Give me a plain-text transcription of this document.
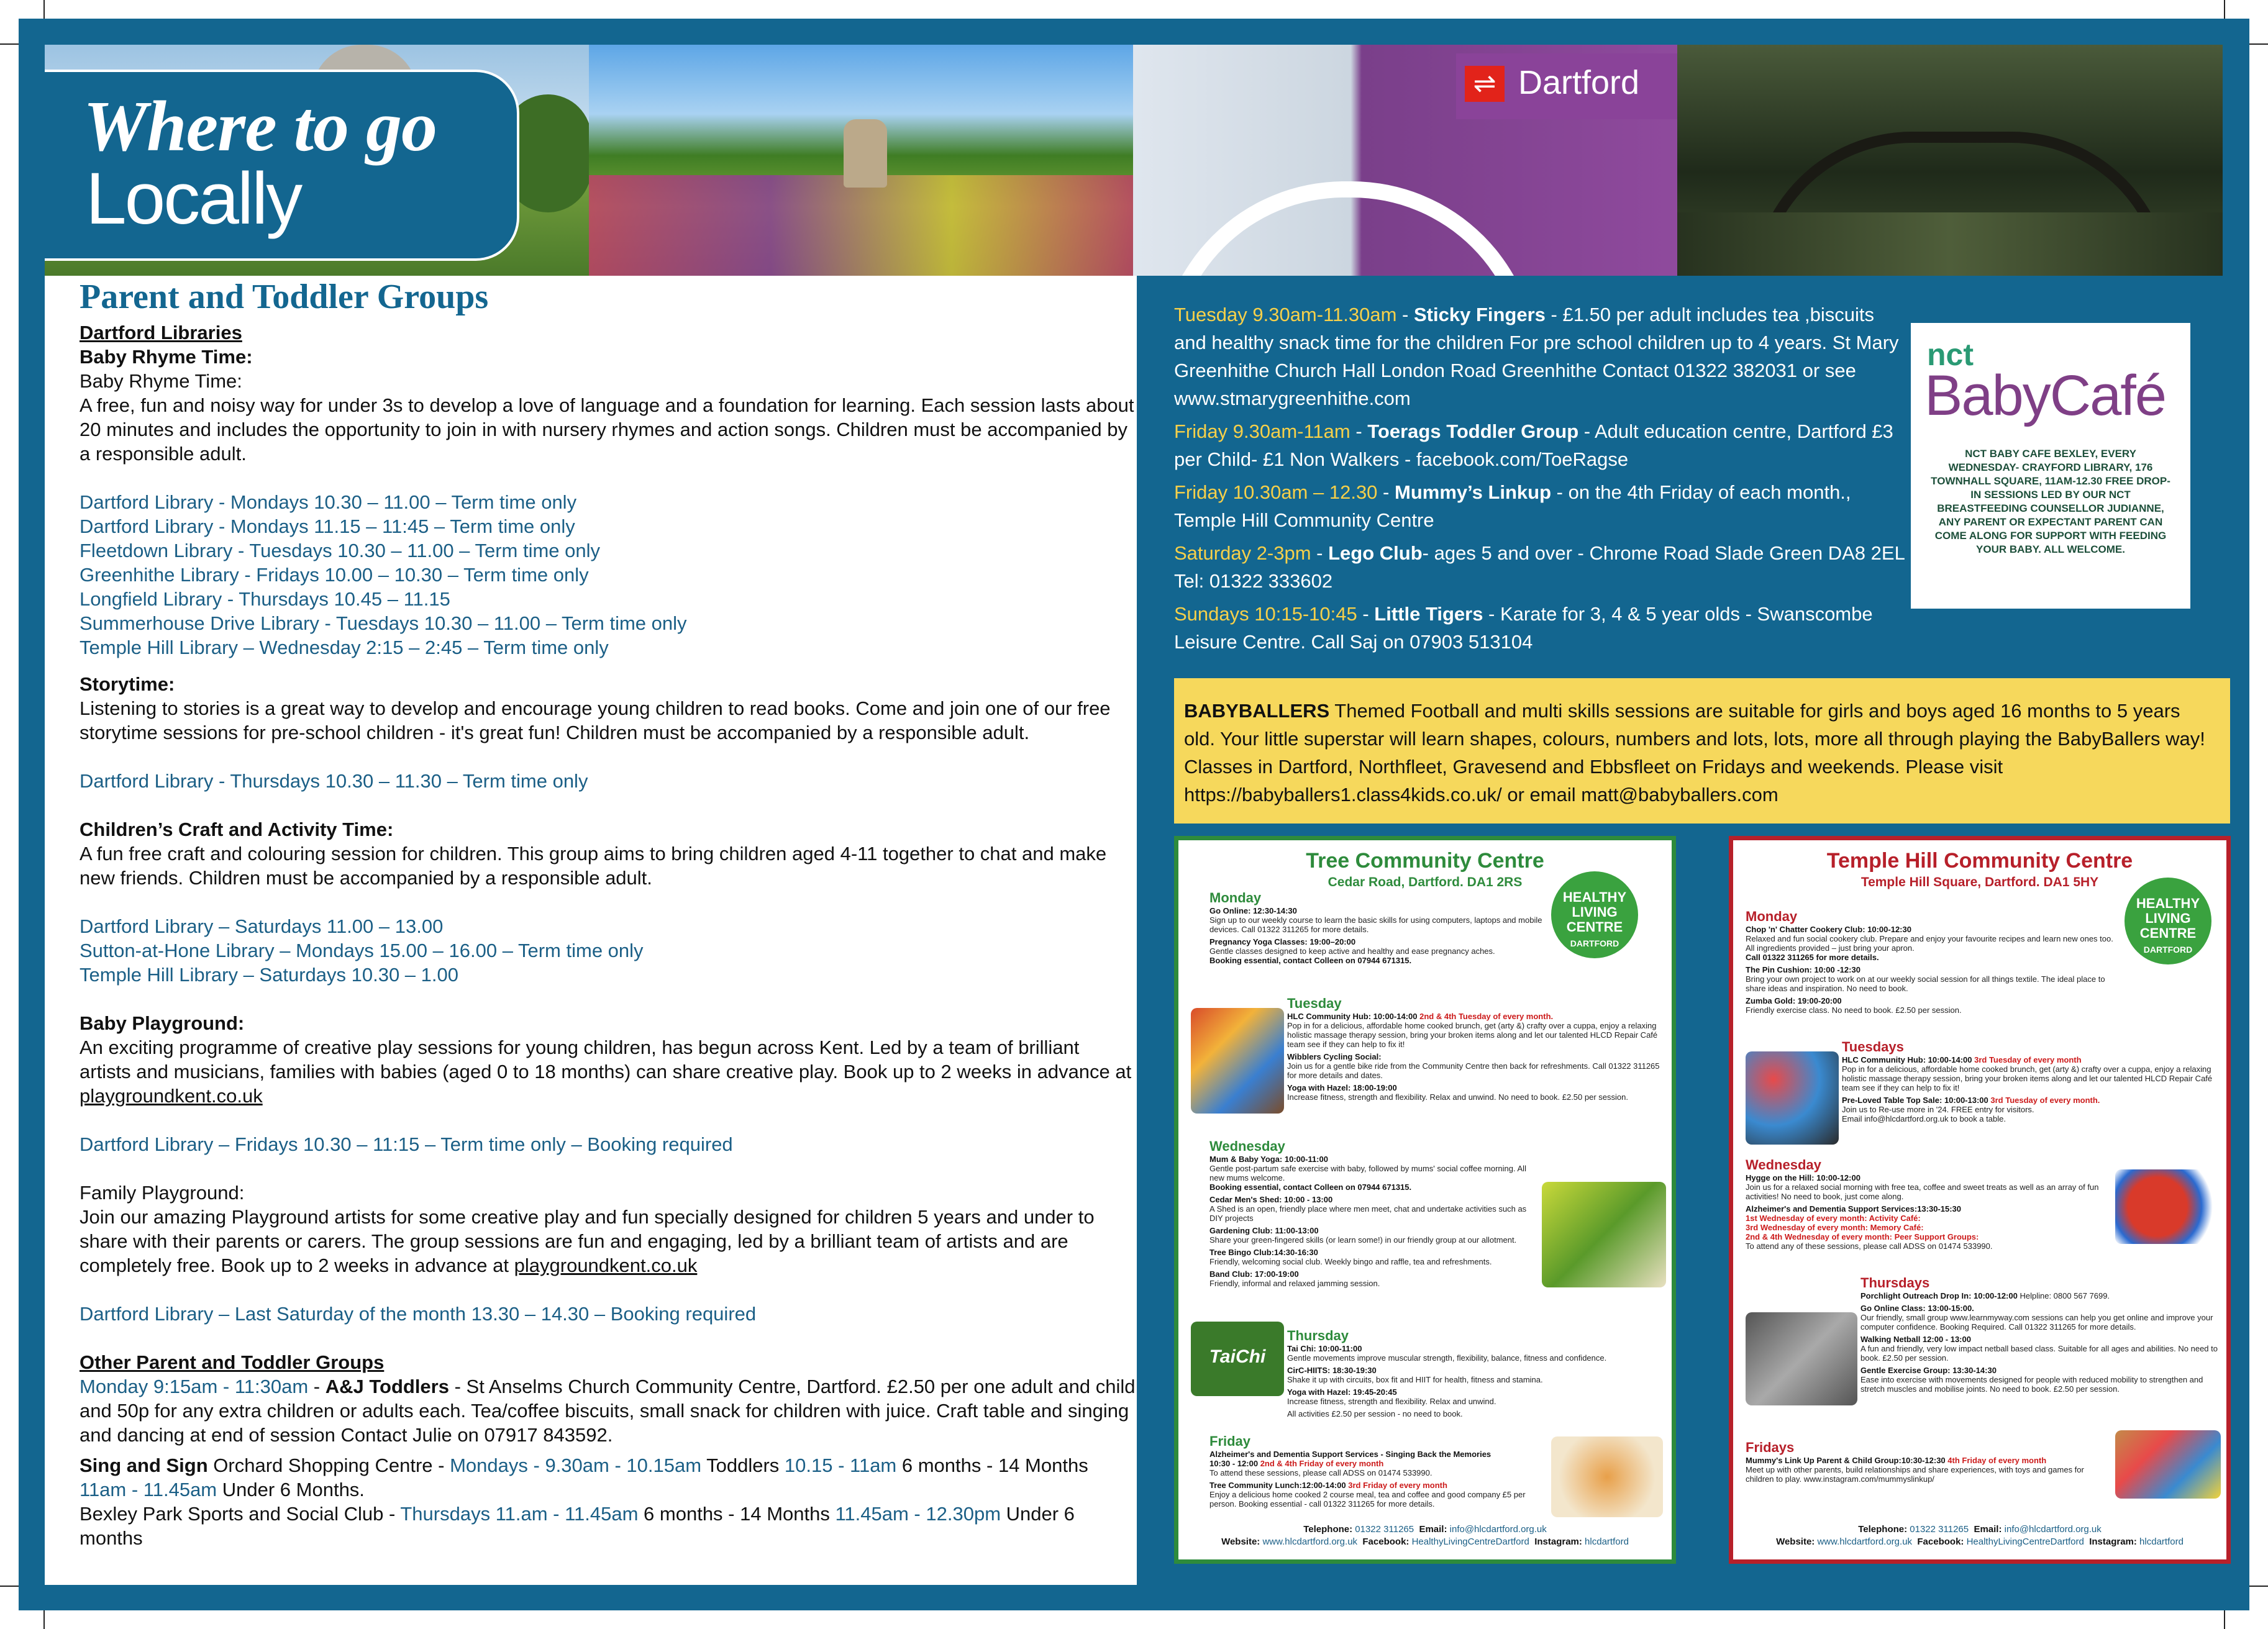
⇌ Dartford
Where to go
Locally
Parent and Toddler Groups

Dartford Libraries

Baby Rhyme Time:

Baby Rhyme Time:

A free, fun and noisy way for under 3s to develop a love of language and a foundation for learning. Each session lasts about 20 minutes and includes the opportunity to join in with nursery rhymes and action songs. Children must be accompanied by a responsible adult.

Dartford Library - Mondays 10.30 – 11.00 – Term time only

Dartford Library - Mondays 11.15 – 11:45 – Term time only

Fleetdown Library - Tuesdays 10.30 – 11.00 – Term time only

Greenhithe Library - Fridays 10.00 – 10.30 – Term time only

Longfield Library - Thursdays 10.45 – 11.15

Summerhouse Drive Library - Tuesdays 10.30 – 11.00 – Term time only

Temple Hill Library – Wednesday 2:15 – 2:45 – Term time only

Storytime:

Listening to stories is a great way to develop and encourage young children to read books. Come and join one of our free storytime sessions for pre-school children - it's great fun! Children must be accompanied by a responsible adult.

Dartford Library - Thursdays 10.30 – 11.30 – Term time only

Children’s Craft and Activity Time:

A fun free craft and colouring session for children. This group aims to bring children aged 4-11 together to chat and make new friends. Children must be accompanied by a responsible adult.

Dartford Library – Saturdays 11.00 – 13.00

Sutton-at-Hone Library – Mondays 15.00 – 16.00 – Term time only

Temple Hill Library – Saturdays 10.30 – 1.00

Baby Playground:

An exciting programme of creative play sessions for young children, has begun across Kent. Led by a team of brilliant artists and musicians, families with babies (aged 0 to 18 months) can share creative play. Book up to 2 weeks in advance at playgroundkent.co.uk

Dartford Library – Fridays 10.30 – 11:15 – Term time only – Booking required

Family Playground:

Join our amazing Playground artists for some creative play and fun specially designed for children 5 years and under to share with their parents or carers. The group sessions are fun and engaging, led by a brilliant team of artists and are completely free. Book up to 2 weeks in advance at playgroundkent.co.uk

Dartford Library – Last Saturday of the month 13.30 – 14.30 – Booking required

Other Parent and Toddler Groups

Monday 9:15am - 11:30am - A&J Toddlers - St Anselms Church Community Centre, Dartford. £2.50 per one adult and child and 50p for any extra children or adults each. Tea/coffee biscuits, small snack for children with juice. Craft table and singing and dancing at end of session Contact Julie on 07917 843592.

Sing and Sign Orchard Shopping Centre - Mondays - 9.30am - 10.15am Toddlers 10.15 - 11am 6 months - 14 Months 11am - 11.45am Under 6 Months.

Bexley Park Sports and Social Club - Thursdays 11.am - 11.45am 6 months - 14 Months 11.45am - 12.30pm Under 6 months

Tuesday 9.30am-11.30am - Sticky Fingers - £1.50 per adult includes tea ,biscuits and healthy snack time for the children For pre school children up to 4 years. St Mary Greenhithe Church Hall London Road Greenhithe Contact 01322 382031 or see www.stmarygreenhithe.com

Friday 9.30am-11am - Toerags Toddler Group - Adult education centre, Dartford £3 per Child- £1 Non Walkers - facebook.com/ToeRagse

Friday 10.30am – 12.30 - Mummy’s Linkup - on the 4th Friday of each month., Temple Hill Community Centre

Saturday 2-3pm - Lego Club- ages 5 and over - Chrome Road Slade Green DA8 2EL Tel: 01322 333602

Sundays 10:15-10:45 - Little Tigers - Karate for 3, 4 & 5 year olds - Swanscombe Leisure Centre. Call Saj on 07903 513104

nct
BabyCafé
NCT BABY CAFE BEXLEY, EVERY WEDNESDAY- CRAYFORD LIBRARY, 176 TOWNHALL SQUARE, 11AM-12.30 FREE DROP-IN SESSIONS LED BY OUR NCT BREASTFEEDING COUNSELLOR JUDIANNE, ANY PARENT OR EXPECTANT PARENT CAN COME ALONG FOR SUPPORT WITH FEEDING YOUR BABY. ALL WELCOME.
BABYBALLERS Themed Football and multi skills sessions are suitable for girls and boys aged 16 months to 5 years old. Your little superstar will learn shapes, colours, numbers and lots, lots, more all through playing the BabyBallers way! Classes in Dartford, Northfleet, Gravesend and Ebbsfleet on Fridays and weekends. Please visit https://babyballers1.class4kids.co.uk/ or email matt@babyballers.com
Tree Community Centre
Cedar Road, Dartford. DA1 2RS
HEALTHY
LIVING
CENTRE
DARTFORD
Monday

Go Online: 12:30-14:30
Sign up to our weekly course to learn the basic skills for using computers, laptops and mobile devices. Call 01322 311265 for more details.

Pregnancy Yoga Classes: 19:00–20:00
Gentle classes designed to keep active and healthy and ease pregnancy aches.
Booking essential, contact Colleen on 07944 671315.

Tuesday

HLC Community Hub: 10:00-14:00 2nd & 4th Tuesday of every month.
Pop in for a delicious, affordable home cooked brunch, get (arty &) crafty over a cuppa, enjoy a relaxing holistic massage therapy session, bring your broken items along and let our talented HLCD Repair Café team see if they can help to fix it!

Wibblers Cycling Social:
Join us for a gentle bike ride from the Community Centre then back for refreshments. Call 01322 311265 for more details and dates.

Yoga with Hazel: 18:00-19:00
Increase fitness, strength and flexibility. Relax and unwind. No need to book. £2.50 per session.

Wednesday

Mum & Baby Yoga: 10:00-11:00
Gentle post-partum safe exercise with baby, followed by mums' social coffee morning. All new mums welcome.
Booking essential, contact Colleen on 07944 671315.

Cedar Men's Shed: 10:00 - 13:00
A Shed is an open, friendly place where men meet, chat and undertake activities such as DIY projects

Gardening Club: 11:00-13:00
Share your green-fingered skills (or learn some!) in our friendly group at our allotment.

Tree Bingo Club:14:30-16:30
Friendly, welcoming social club. Weekly bingo and raffle, tea and refreshments.

Band Club: 17:00-19:00
Friendly, informal and relaxed jamming session.

TaiChi
Thursday

Tai Chi: 10:00-11:00
Gentle movements improve muscular strength, flexibility, balance, fitness and confidence.

CirC-HIITS: 18:30-19:30
Shake it up with circuits, box fit and HIIT for health, fitness and stamina.

Yoga with Hazel: 19:45-20:45
Increase fitness, strength and flexibility. Relax and unwind.

All activities £2.50 per session - no need to book.

Friday

Alzheimer's and Dementia Support Services - Singing Back the Memories
10:30 - 12:00 2nd & 4th Friday of every month
To attend these sessions, please call ADSS on 01474 533990.

Tree Community Lunch:12:00-14:00 3rd Friday of every month
Enjoy a delicious home cooked 2 course meal, tea and coffee and good company £5 per person. Booking essential - call 01322 311265 for more details.

Telephone: 01322 311265 Email: info@hlcdartford.org.uk
Website: www.hlcdartford.org.uk Facebook: HealthyLivingCentreDartford Instagram: hlcdartford
Temple Hill Community Centre
Temple Hill Square, Dartford. DA1 5HY
HEALTHY
LIVING
CENTRE
DARTFORD
Monday

Chop 'n' Chatter Cookery Club: 10:00-12:30
Relaxed and fun social cookery club. Prepare and enjoy your favourite recipes and learn new ones too. All ingredients provided – just bring your apron.
Call 01322 311265 for more details.

The Pin Cushion: 10:00 -12:30
Bring your own project to work on at our weekly social session for all things textile. The ideal place to share ideas and inspiration. No need to book.

Zumba Gold: 19:00-20:00
Friendly exercise class. No need to book. £2.50 per session.

Tuesdays

HLC Community Hub: 10:00-14:00 3rd Tuesday of every month
Pop in for a delicious, affordable home cooked brunch, get (arty &) crafty over a cuppa, enjoy a relaxing holistic massage therapy session, bring your broken items along and let our talented HLCD Repair Café team see if they can help to fix it!

Pre-Loved Table Top Sale: 10:00-13:00 3rd Tuesday of every month.
Join us to Re-use more in '24. FREE entry for visitors.
Email info@hlcdartford.org.uk to book a table.

Wednesday

Hygge on the Hill: 10:00-12:00
Join us for a relaxed social morning with free tea, coffee and sweet treats as well as an array of fun activities! No need to book, just come along.

Alzheimer's and Dementia Support Services:13:30-15:30
1st Wednesday of every month: Activity Café:
3rd Wednesday of every month: Memory Café:
2nd & 4th Wednesday of every month: Peer Support Groups:
To attend any of these sessions, please call ADSS on 01474 533990.

Thursdays

Porchlight Outreach Drop In: 10:00-12:00 Helpline: 0800 567 7699.

Go Online Class: 13:00-15:00.
Our friendly, small group www.learnmyway.com sessions can help you get online and improve your computer confidence. Booking Required. Call 01322 311265 for more details.

Walking Netball 12:00 - 13:00
A fun and friendly, very low impact netball based class. Suitable for all ages and abilities. No need to book. £2.50 per session.

Gentle Exercise Group: 13:30-14:30
Ease into exercise with movements designed for people with reduced mobility to strengthen and stretch muscles and mobilise joints. No need to book. £2.50 per session.

Fridays

Mummy's Link Up Parent & Child Group:10:30-12:30 4th Friday of every month
Meet up with other parents, build relationships and share experiences, with toys and games for children to play. www.instagram.com/mummyslinkup/

Telephone: 01322 311265 Email: info@hlcdartford.org.uk
Website: www.hlcdartford.org.uk Facebook: HealthyLivingCentreDartford Instagram: hlcdartford
